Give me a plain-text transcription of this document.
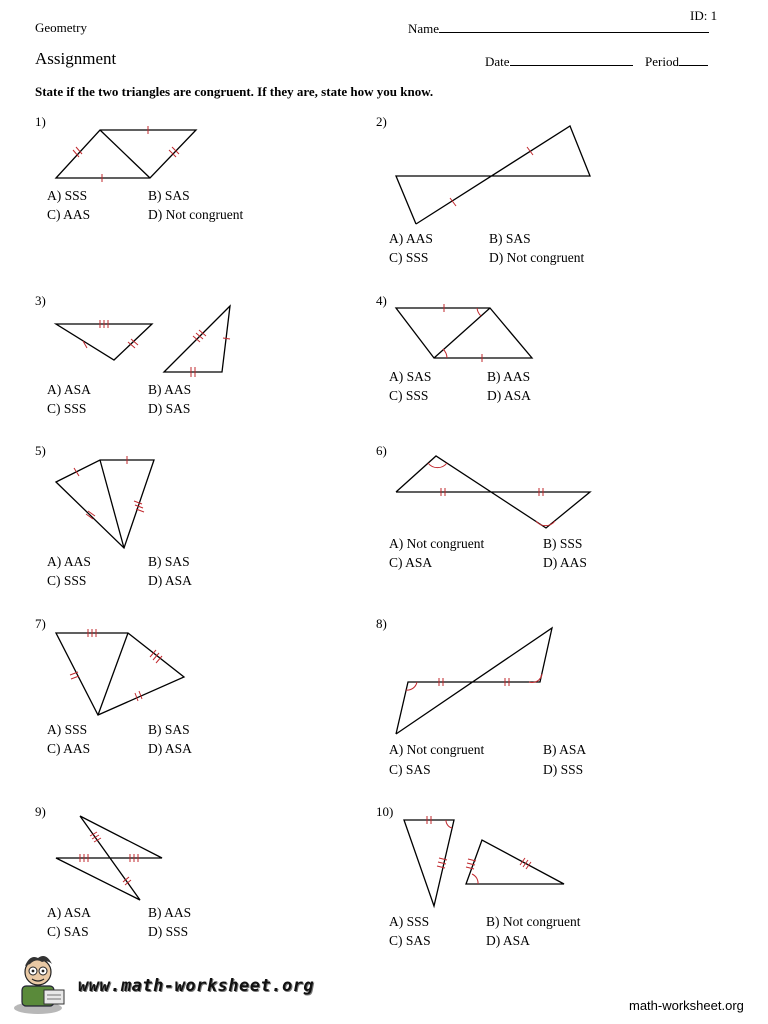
ID: 1
Geometry	Name
Assignment	Date	Period
State if the two triangles are congruent. If they are, state how you know.
1)
A) SSS	B) SAS
C) AAS	D) Not congruent
2)
A) AAS	B) SAS
C) SSS	D) Not congruent
3)
A) ASA	B) AAS
C) SSS	D) SAS
4)
A) SAS	B) AAS
C) SSS	D) ASA
5)
A) AAS	B) SAS
C) SSS	D) ASA
6)
A) Not congruent	B) SSS
C) ASA	D) AAS
7)
A) SSS	B) SAS
C) AAS	D) ASA
8)
A) Not congruent	B) ASA
C) SAS	D) SSS
9)
A) ASA	B) AAS
C) SAS	D) SSS
10)
A) SSS	B) Not congruent
C) SAS	D) ASA
www.math-worksheet.org
math-worksheet.org
